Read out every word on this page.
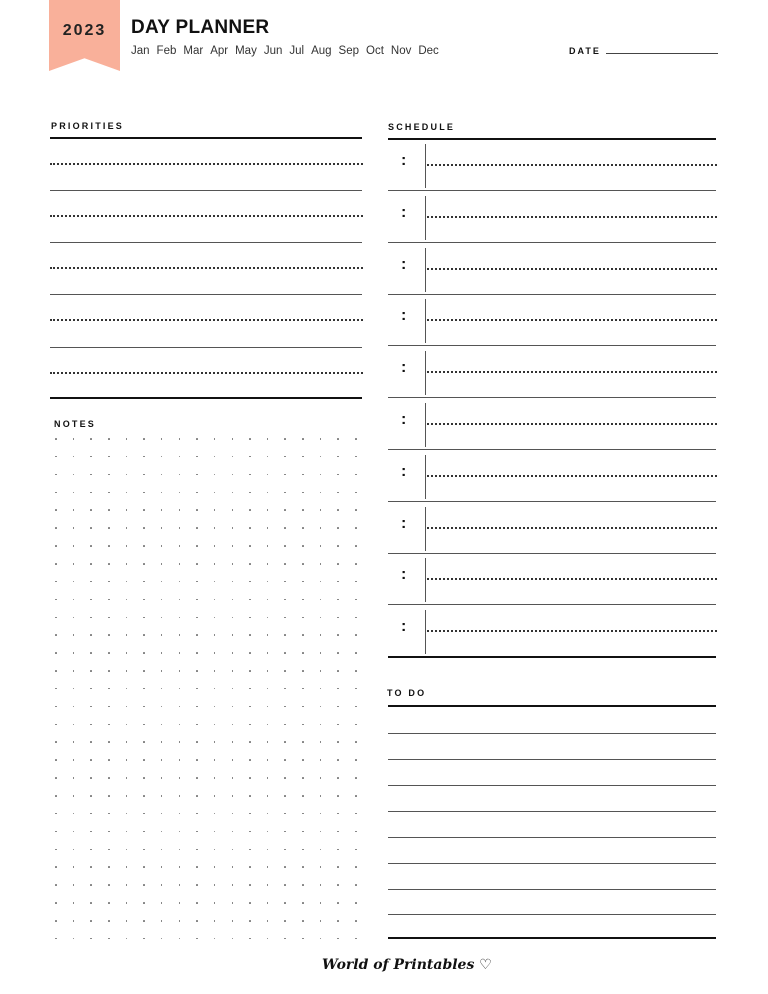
2023	DAY PLANNER
Jan Feb Mar Apr May Jun Jul Aug Sep Oct Nov Dec	DATE
PRIORITIES	SCHEDULE
NOTES
TO DO
:
:
:
:
:
:
:
:
:
:
World of Printables ♡
